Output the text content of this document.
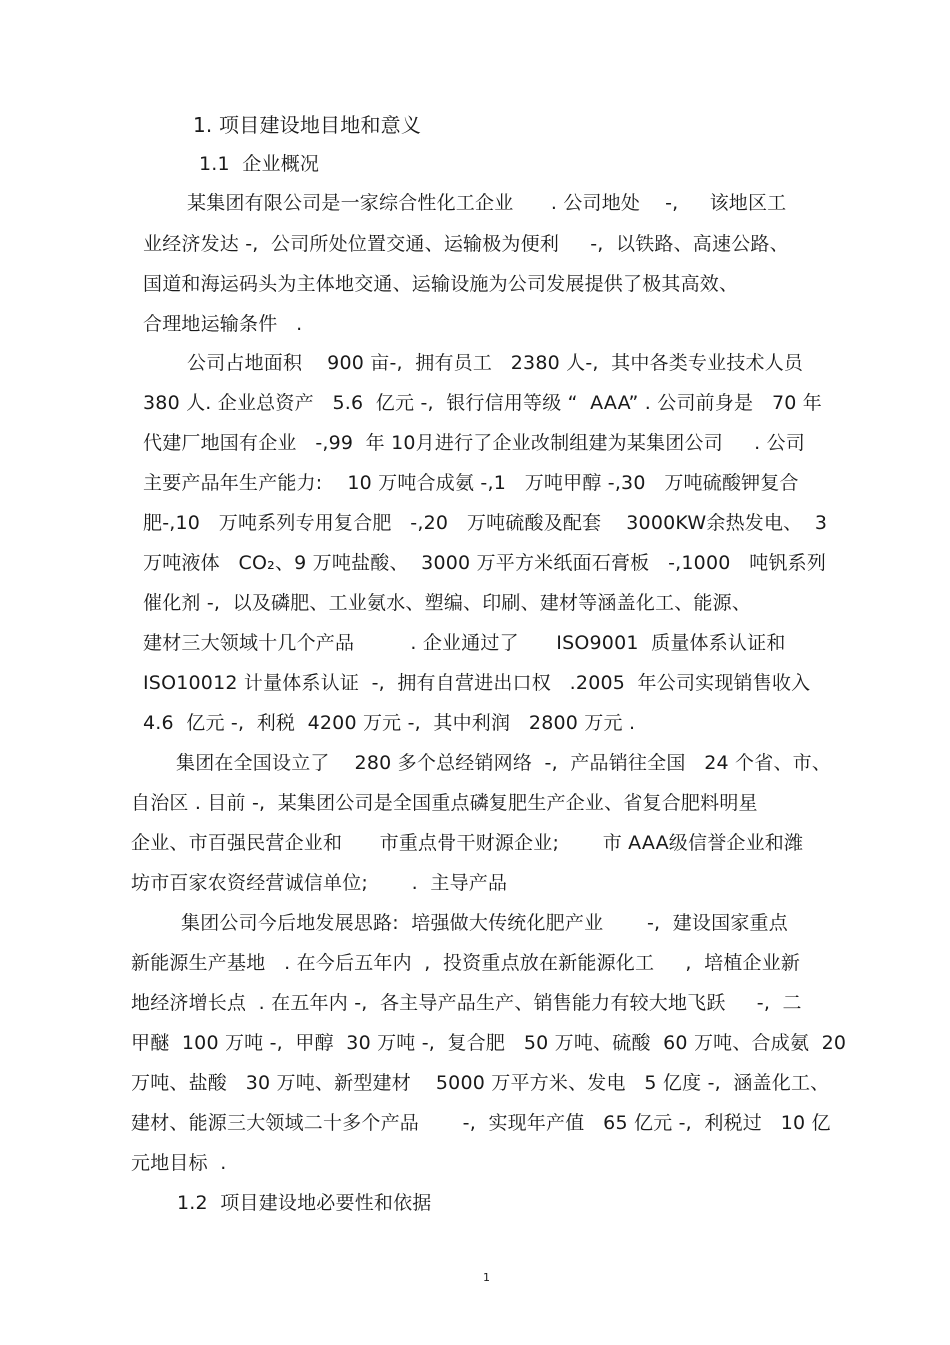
1. 项目建设地目地和意义
1.1  企业概况
某集团有限公司是一家综合性化工企业      . 公司地处    -,     该地区工
业经济发达 -,  公司所处位置交通、运输极为便利     -,  以铁路、高速公路、
国道和海运码头为主体地交通、运输设施为公司发展提供了极其高效、
合理地运输条件   .
公司占地面积    900 亩-,  拥有员工   2380 人-,  其中各类专业技术人员
380 人. 企业总资产   5.6  亿元 -,  银行信用等级 “  AAA” . 公司前身是   70 年
代建厂地国有企业   -,99  年 10月进行了企业改制组建为某集团公司     . 公司
主要产品年生产能力:    10 万吨合成氨 -,1   万吨甲醇 -,30   万吨硫酸钾复合
肥-,10   万吨系列专用复合肥   -,20   万吨硫酸及配套    3000KW余热发电、  3
万吨液体   CO₂、9 万吨盐酸、  3000 万平方米纸面石膏板   -,1000   吨钒系列
催化剂 -,  以及磷肥、工业氨水、塑编、印刷、建材等涵盖化工、能源、
建材三大领域十几个产品         . 企业通过了      ISO9001  质量体系认证和
ISO10012 计量体系认证  -,  拥有自营进出口权   .2005  年公司实现销售收入
4.6  亿元 -,  利税  4200 万元 -,  其中利润   2800 万元 .
集团在全国设立了    280 多个总经销网络  -,  产品销往全国   24 个省、市、
自治区 . 目前 -,  某集团公司是全国重点磷复肥生产企业、省复合肥料明星
企业、市百强民营企业和      市重点骨干财源企业;       市 AAA级信誉企业和潍
坊市百家农资经营诚信单位;       .  主导产品
集团公司今后地发展思路:  培强做大传统化肥产业       -,  建设国家重点
新能源生产基地   . 在今后五年内  ,  投资重点放在新能源化工     ,  培植企业新
地经济增长点  . 在五年内 -,  各主导产品生产、销售能力有较大地飞跃     -,  二
甲醚  100 万吨 -,  甲醇  30 万吨 -,  复合肥   50 万吨、硫酸  60 万吨、合成氨  20
万吨、盐酸   30 万吨、新型建材    5000 万平方米、发电   5 亿度 -,  涵盖化工、
建材、能源三大领域二十多个产品       -,  实现年产值   65 亿元 -,  利税过   10 亿
元地目标  .
1.2  项目建设地必要性和依据
1
